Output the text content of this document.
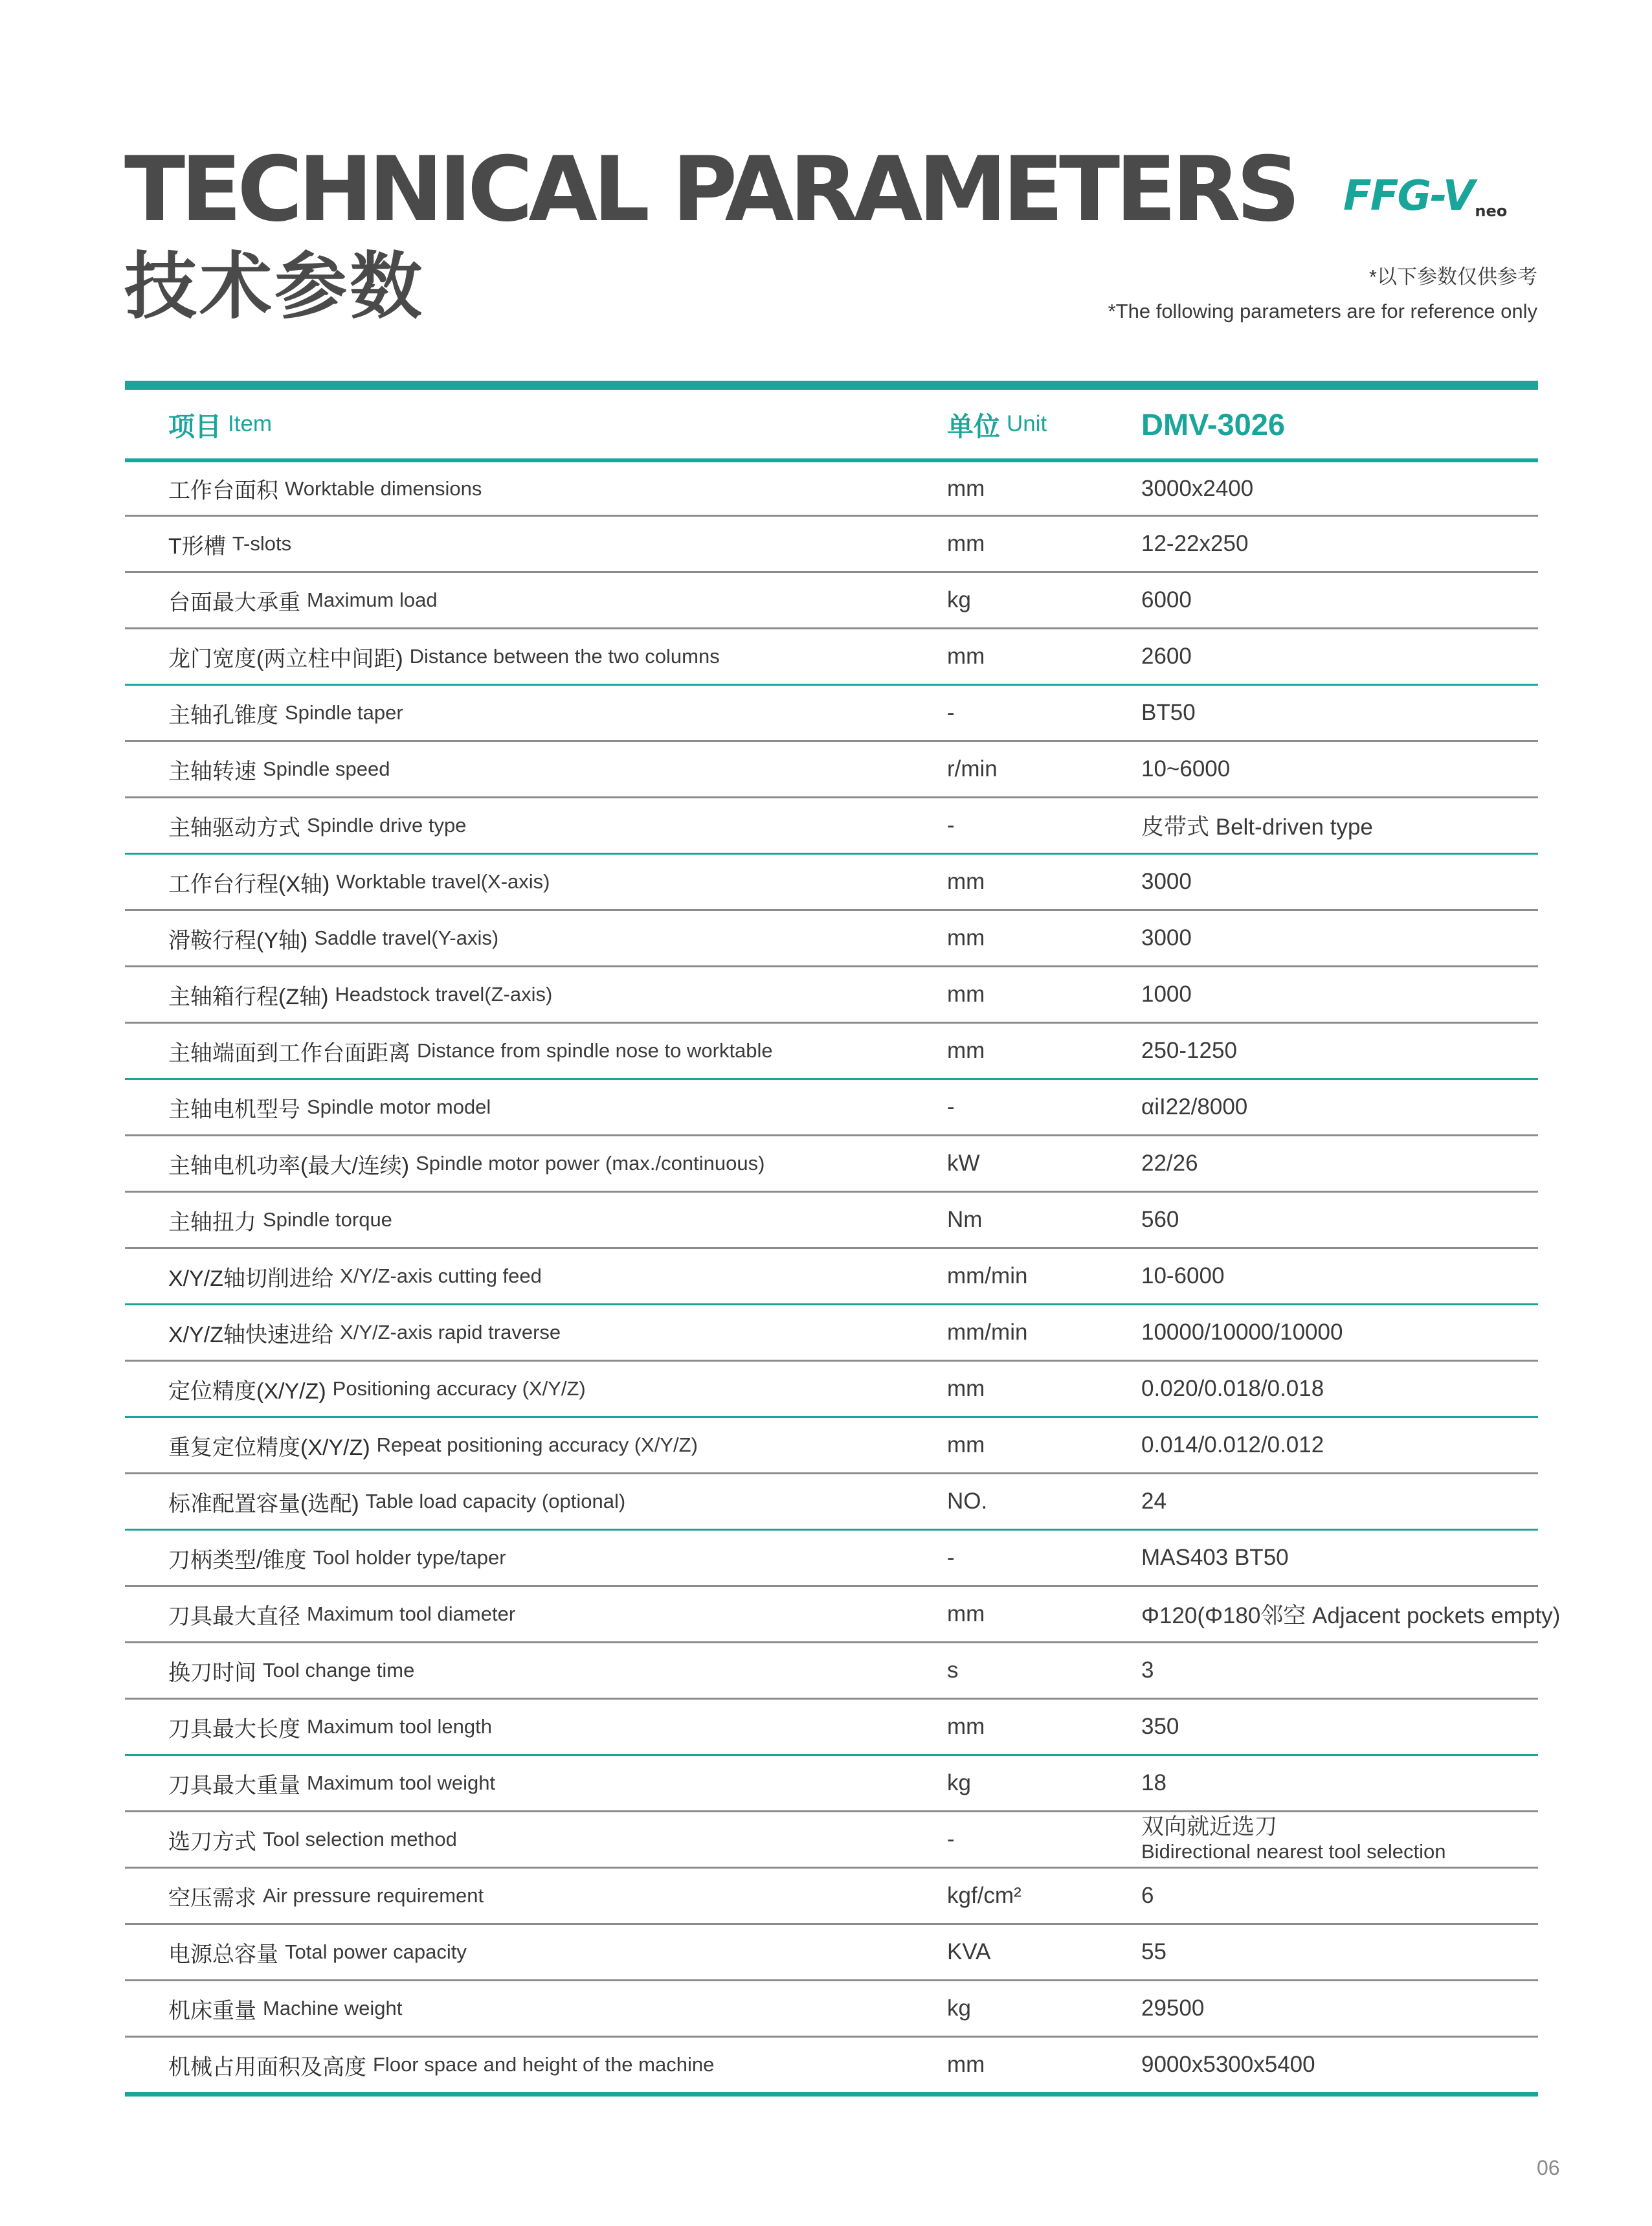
TECHNICAL PARAMETERS
技术参数
FFG-Vneo
*以下参数仅供参考
*The following parameters are for reference only
项目 Item	单位 Unit	DMV-3026
工作台面积 Worktable dimensions	mm	3000x2400
T形槽 T-slots	mm	12-22x250
台面最大承重 Maximum load	kg	6000
龙门宽度(两立柱中间距) Distance between the two columns	mm	2600
主轴孔锥度 Spindle taper	-	BT50
主轴转速 Spindle speed	r/min	10~6000
主轴驱动方式 Spindle drive type	-	皮带式 Belt-driven type
工作台行程(X轴) Worktable travel(X-axis)	mm	3000
滑鞍行程(Y轴) Saddle travel(Y-axis)	mm	3000
主轴箱行程(Z轴) Headstock travel(Z-axis)	mm	1000
主轴端面到工作台面距离 Distance from spindle nose to worktable	mm	250-1250
主轴电机型号 Spindle motor model	-	αiI22/8000
主轴电机功率(最大/连续) Spindle motor power (max./continuous)	kW	22/26
主轴扭力 Spindle torque	Nm	560
X/Y/Z轴切削进给 X/Y/Z-axis cutting feed	mm/min	10-6000
X/Y/Z轴快速进给 X/Y/Z-axis rapid traverse	mm/min	10000/10000/10000
定位精度(X/Y/Z) Positioning accuracy (X/Y/Z)	mm	0.020/0.018/0.018
重复定位精度(X/Y/Z) Repeat positioning accuracy (X/Y/Z)	mm	0.014/0.012/0.012
标准配置容量(选配) Table load capacity (optional)	NO.	24
刀柄类型/锥度 Tool holder type/taper	-	MAS403 BT50
刀具最大直径 Maximum tool diameter	mm	Φ120(Φ180邻空 Adjacent pockets empty)
换刀时间 Tool change time	s	3
刀具最大长度 Maximum tool length	mm	350
刀具最大重量 Maximum tool weight	kg	18
选刀方式 Tool selection method	-	双向就近选刀
Bidirectional nearest tool selection
空压需求 Air pressure requirement	kgf/cm²	6
电源总容量 Total power capacity	KVA	55
机床重量 Machine weight	kg	29500
机械占用面积及高度 Floor space and height of the machine	mm	9000x5300x5400
06
